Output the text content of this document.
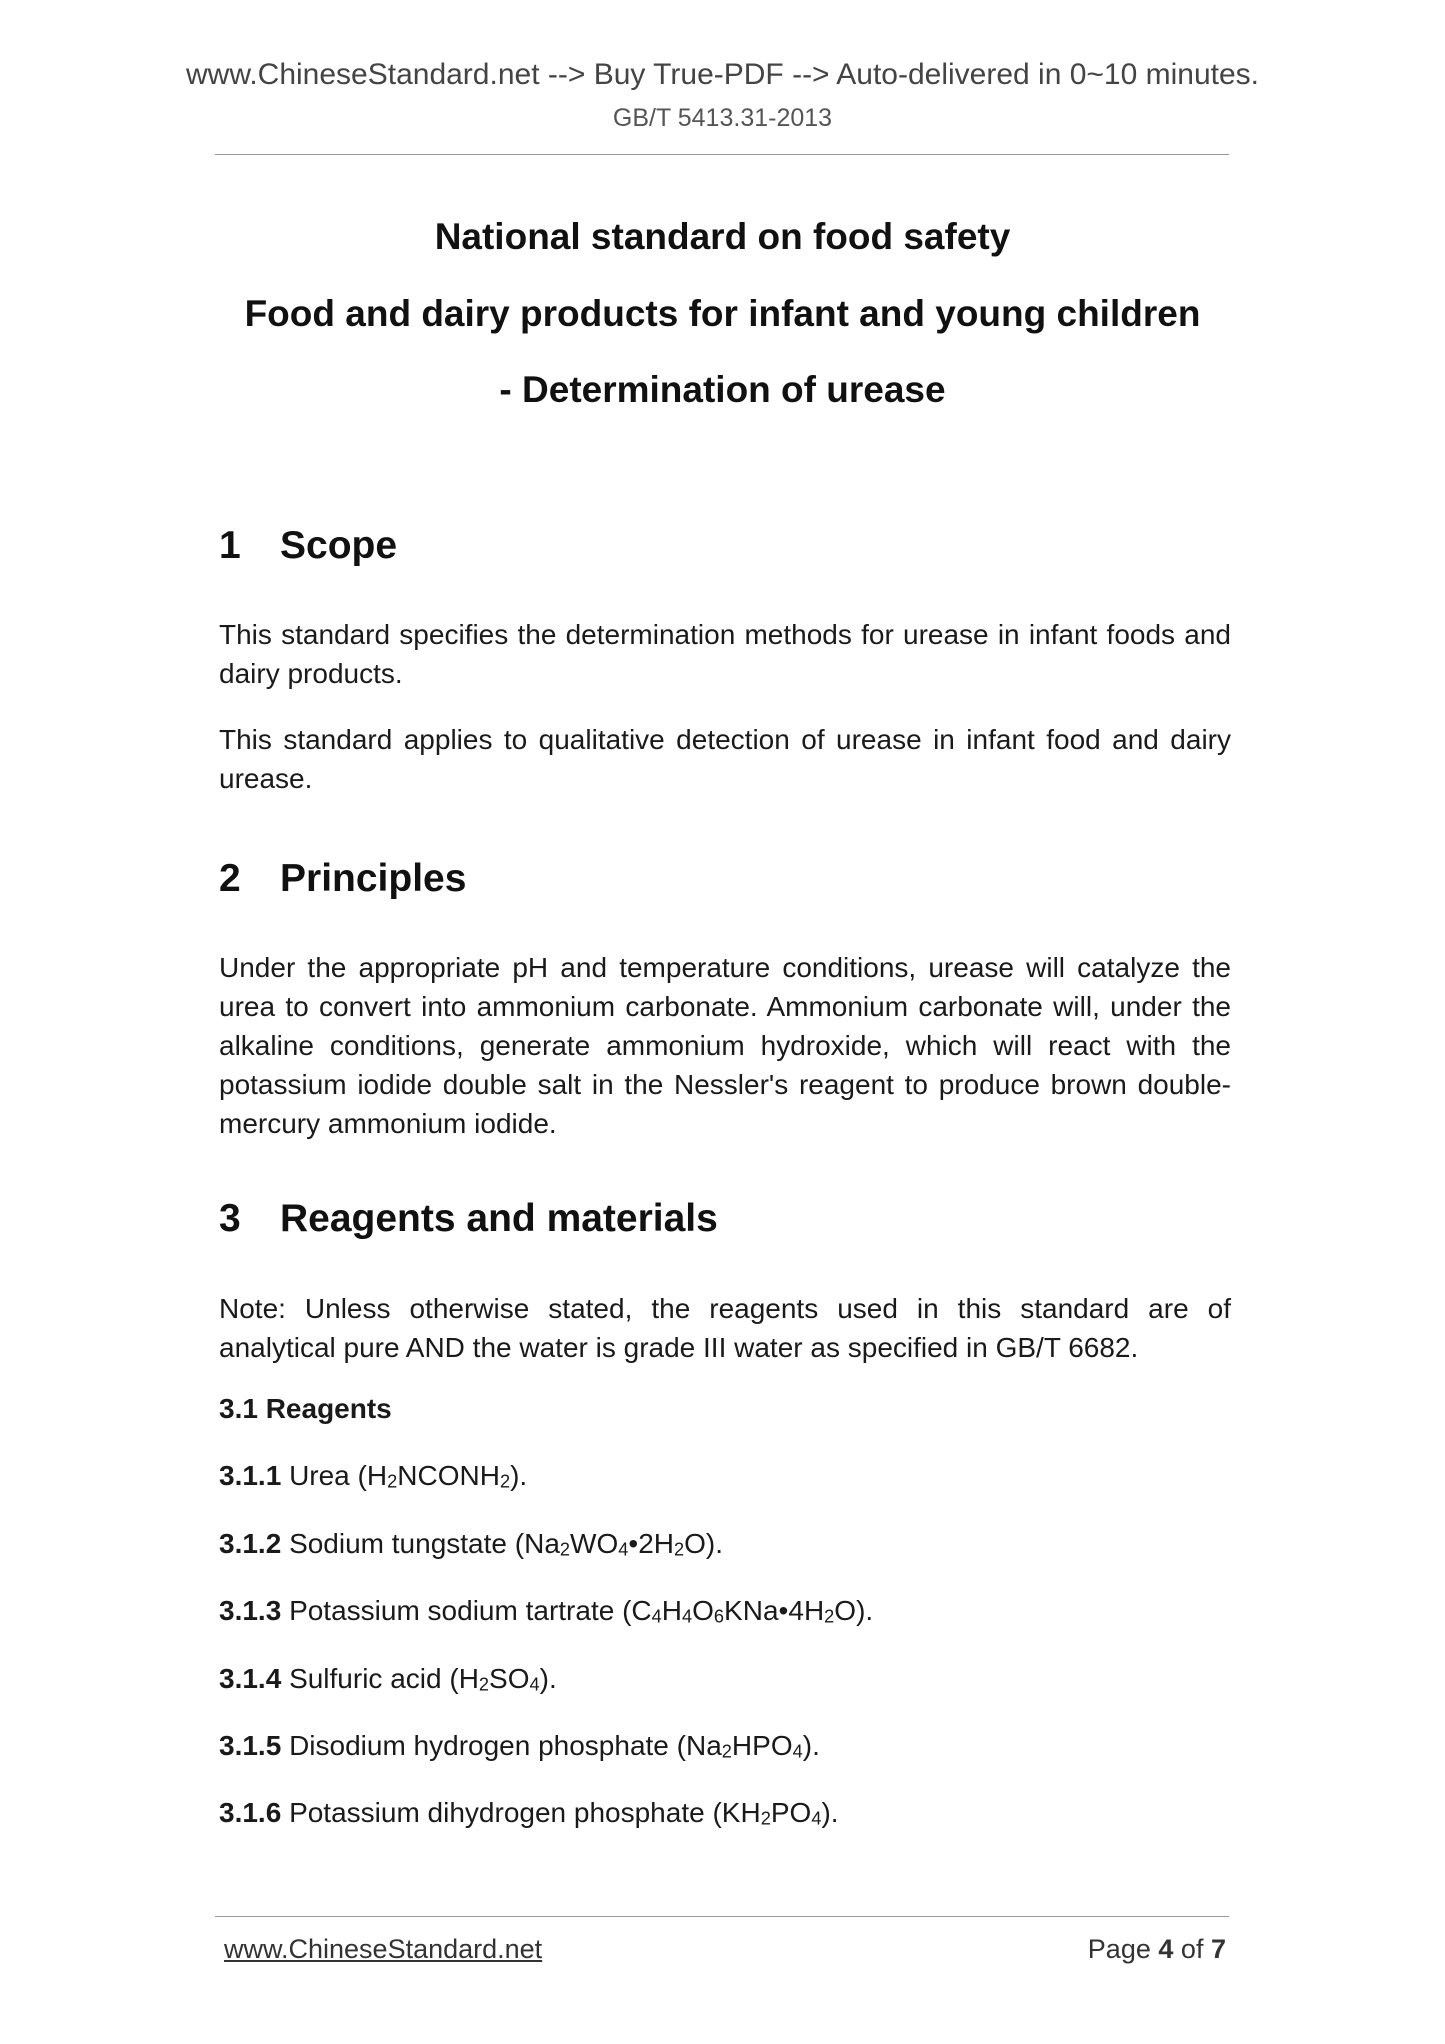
www.ChineseStandard.net --> Buy True-PDF --> Auto-delivered in 0~10 minutes.
GB/T 5413.31-2013
National standard on food safety
Food and dairy products for infant and young children
- Determination of urease
1 Scope
This standard specifies the determination methods for urease in infant foods and dairy products.
This standard applies to qualitative detection of urease in infant food and dairy urease.
2 Principles
Under the appropriate pH and temperature conditions, urease will catalyze the urea to convert into ammonium carbonate. Ammonium carbonate will, under the alkaline conditions, generate ammonium hydroxide, which will react with the potassium iodide double salt in the Nessler's reagent to produce brown double-mercury ammonium iodide.
3 Reagents and materials
Note: Unless otherwise stated, the reagents used in this standard are of analytical pure AND the water is grade III water as specified in GB/T 6682.
3.1 Reagents
3.1.1 Urea $(H_2NCONH_2)$.
3.1.2 Sodium tungstate $(Na_2WO_4•2H_2O)$.
3.1.3 Potassium sodium tartrate $(C_4H_4O_6KNa•4H_2O)$.
3.1.4 Sulfuric acid $(H_2SO_4)$.
3.1.5 Disodium hydrogen phosphate $(Na_2HPO_4)$.
3.1.6 Potassium dihydrogen phosphate $(KH_2PO_4)$.
www.ChineseStandard.net	Page 4 of 7
